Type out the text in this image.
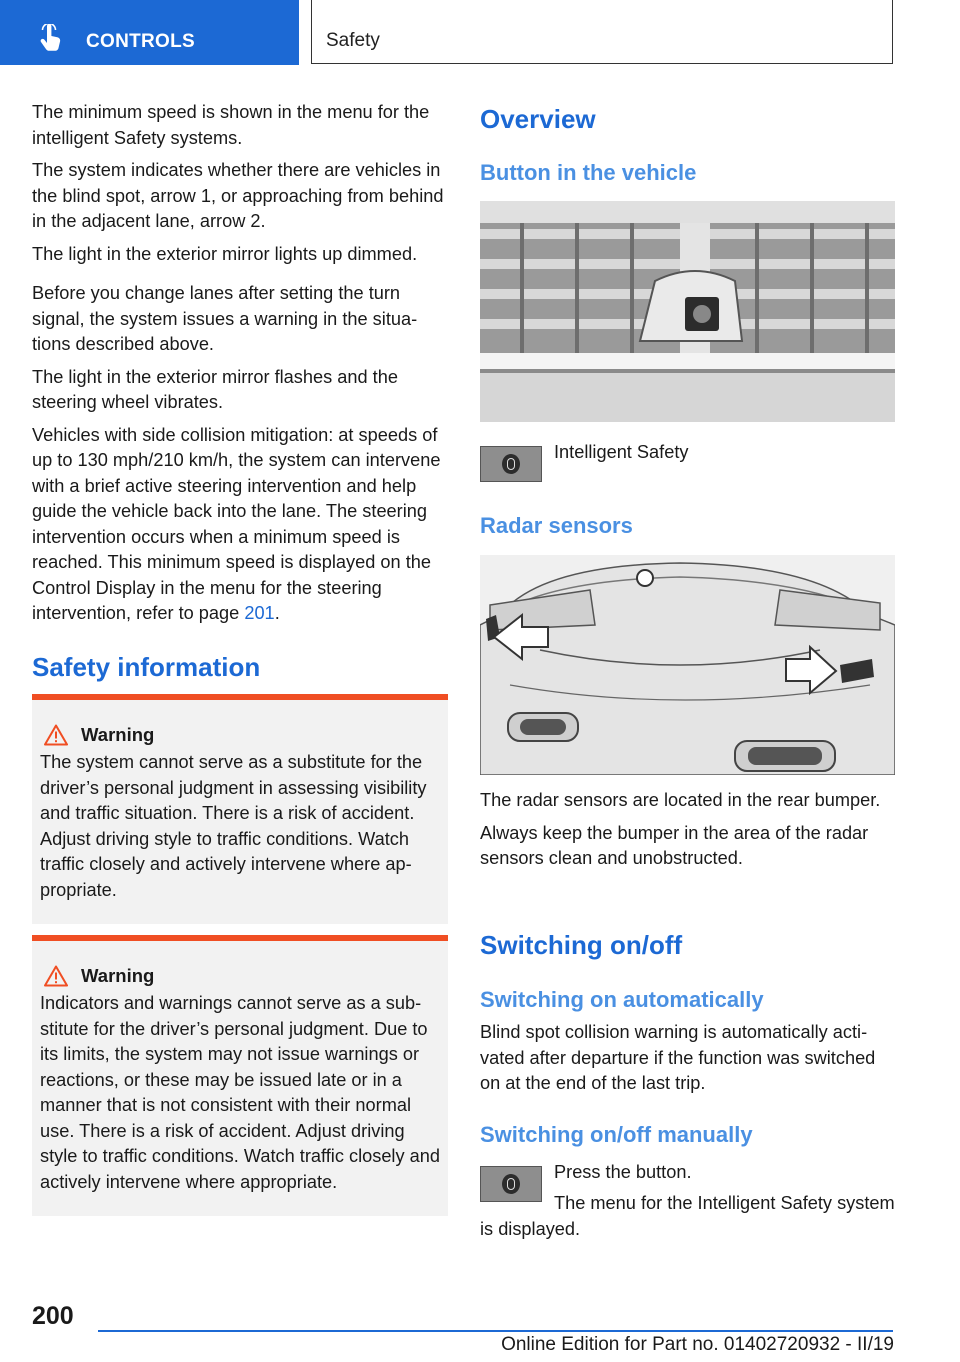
CONTROLS	Safety

The minimum speed is shown in the menu for the intelligent Safety systems.

The system indicates whether there are vehicles in the blind spot, arrow 1, or approaching from behind in the adjacent lane, arrow 2.

The light in the exterior mirror lights up dimmed.

Before you change lanes after setting the turn signal, the system issues a warning in the situations described above.

The light in the exterior mirror flashes and the steering wheel vibrates.

Vehicles with side collision mitigation: at speeds of up to 130 mph/210 km/h, the system can intervene with a brief active steering intervention and help guide the vehicle back into the lane. The steering intervention occurs when a minimum speed is reached. This minimum speed is displayed on the Control Display in the menu for the steering intervention, refer to page 201.

Safety information
Warning

The system cannot serve as a substitute for the driver’s personal judgment in assessing visibility and traffic situation. There is a risk of accident. Adjust driving style to traffic conditions. Watch traffic closely and actively intervene where appropriate.

Warning

Indicators and warnings cannot serve as a substitute for the driver’s personal judgment. Due to its limits, the system may not issue warnings or reactions, or these may be issued late or in a manner that is not consistent with their normal use. There is a risk of accident. Adjust driving style to traffic conditions. Watch traffic closely and actively intervene where appropriate.

Overview
Button in the vehicle

Intelligent Safety

Radar sensors

The radar sensors are located in the rear bumper.

Always keep the bumper in the area of the radar sensors clean and unobstructed.

Switching on/off
Switching on automatically

Blind spot collision warning is automatically activated after departure if the function was switched on at the end of the last trip.

Switching on/off manually

Press the button.

The menu for the Intelligent Safety system is displayed.

200
Online Edition for Part no. 01402720932 - II/19
